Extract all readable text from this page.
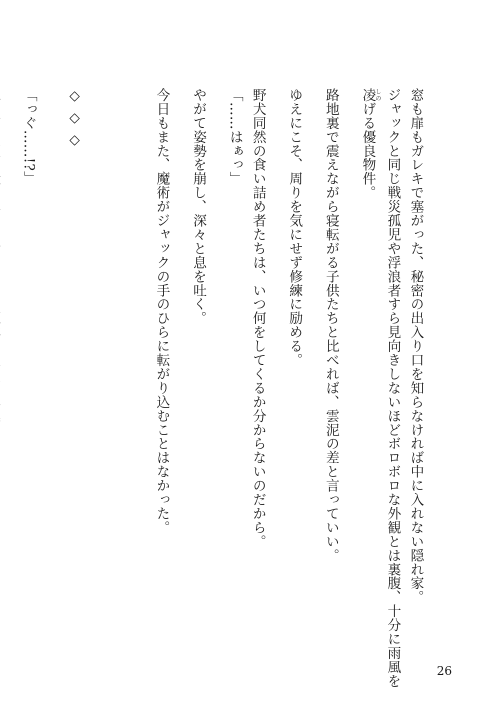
窓も扉もガレキで塞がった、秘密の出入り口を知らなければ中に入れない隠れ家。
ジャックと同じ戦災孤児や浮浪者すら見向きしないほどボロボロな外観とは裏腹、十分に雨風を
凌しのげる優良物件。
路地裏で震えながら寝転がる子供たちと比べれば、雲泥の差と言っていい。
ゆえにこそ、周りを気にせず修練に励める。
野犬同然の食い詰め者たちは、いつ何をしてくるか分からないのだから。
「……はぁっ」
やがて姿勢を崩し、深々と息を吐く。
今日もまた、魔術がジャックの手のひらに転がり込むことはなかった。
◇◇◇
「っぐ……!?」
26
